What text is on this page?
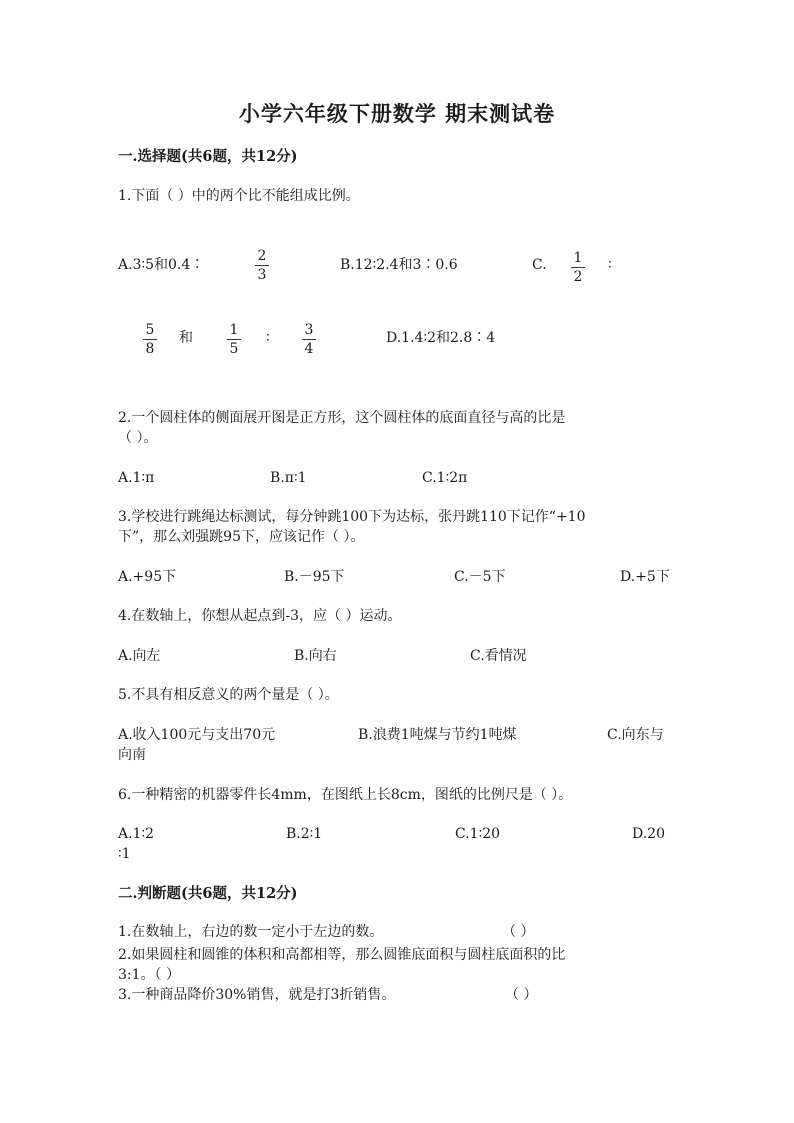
小学六年级下册数学 期末测试卷
一.选择题(共6题，共12分)
1.下面（ ）中的两个比不能组成比例。
A.3∶5和0.4∶
2
3
B.12∶2.4和3∶0.6	C. 1
2
∶
5
8
和	1
5
∶ 3
4
D.1.4∶2和2.8∶4
2.一个圆柱体的侧面展开图是正方形，这个圆柱体的底面直径与高的比是
（ ）。
A.1∶π	B.π∶1	C.1∶2π
3.学校进行跳绳达标测试，每分钟跳100下为达标，张丹跳110下记作“+10
下”，那么刘强跳95下，应该记作（ ）。
A.+95下	B.－95下	C.－5下	D.+5下
4.在数轴上，你想从起点到-3，应（ ）运动。
A.向左	B.向右	C.看情况
5.不具有相反意义的两个量是（ ）。
A.收入100元与支出70元	B.浪费1吨煤与节约1吨煤	C.向东与
向南
6.一种精密的机器零件长4mm，在图纸上长8cm，图纸的比例尺是（ ）。
A.1∶2	B.2∶1	C.1∶20	D.20
∶1
二.判断题(共6题，共12分)
1.在数轴上，右边的数一定小于左边的数。	（ ）
2.如果圆柱和圆锥的体积和高都相等，那么圆锥底面积与圆柱底面积的比
3:1。（ ）
3.一种商品降价30%销售，就是打3折销售。	（ ）
